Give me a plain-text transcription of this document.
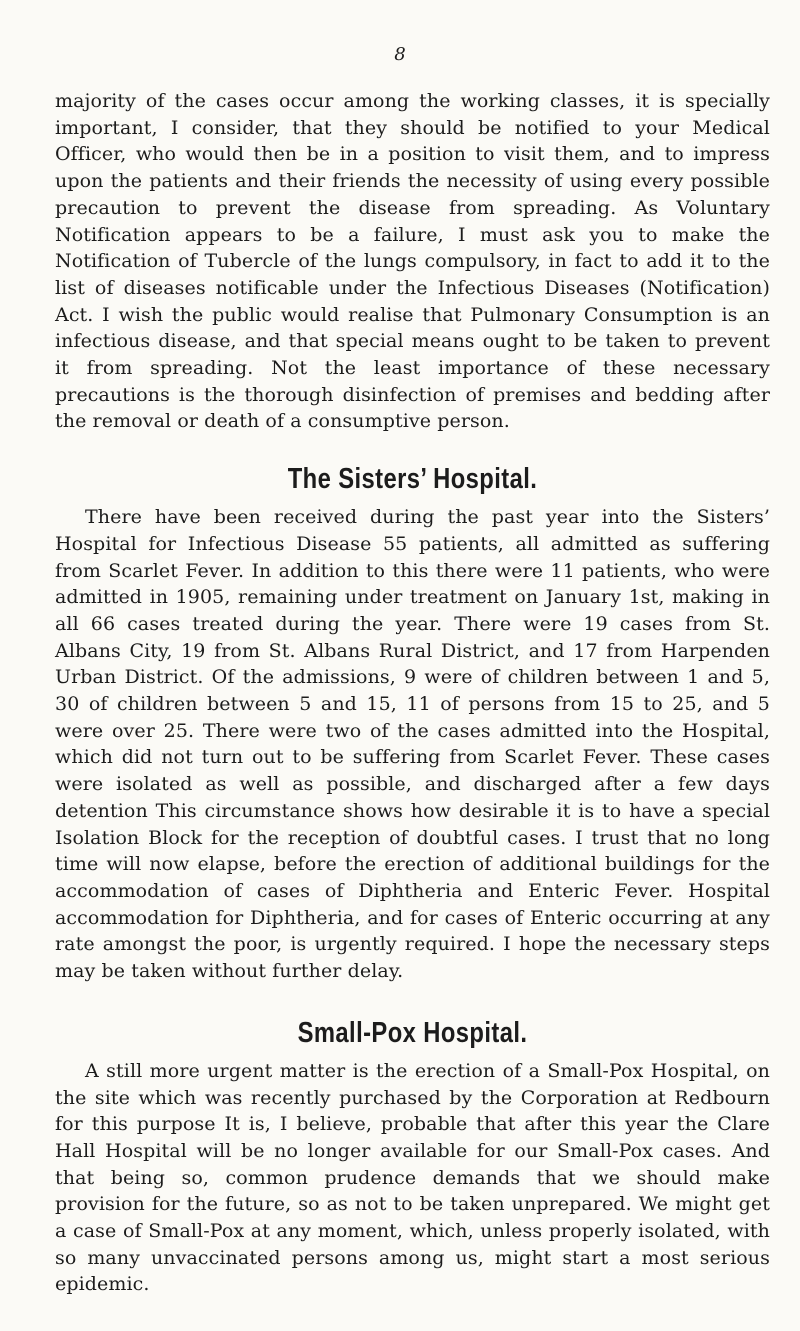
8

majority of the cases occur among the working classes, it is specially important, I consider, that they should be notified to your Medical Officer, who would then be in a position to visit them, and to impress upon the patients and their friends the necessity of using every possible precaution to prevent the disease from spreading. As Voluntary Notification appears to be a failure, I must ask you to make the Notification of Tubercle of the lungs compulsory, in fact to add it to the list of diseases notificable under the Infectious Diseases (Notification) Act. I wish the public would realise that Pulmonary Consumption is an infectious disease, and that special means ought to be taken to prevent it from spreading. Not the least importance of these necessary precautions is the thorough disinfection of premises and bedding after the removal or death of a consumptive person.

The Sisters’ Hospital.

There have been received during the past year into the Sisters’ Hospital for Infectious Disease 55 patients, all admitted as suffering from Scarlet Fever. In addition to this there were 11 patients, who were admitted in 1905, remaining under treatment on January 1st, making in all 66 cases treated during the year. There were 19 cases from St. Albans City, 19 from St. Albans Rural District, and 17 from Harpenden Urban District. Of the admissions, 9 were of children between 1 and 5, 30 of children between 5 and 15, 11 of persons from 15 to 25, and 5 were over 25. There were two of the cases admitted into the Hospital, which did not turn out to be suffering from Scarlet Fever. These cases were isolated as well as possible, and discharged after a few days detention This circumstance shows how desirable it is to have a special Isolation Block for the reception of doubtful cases. I trust that no long time will now elapse, before the erection of additional buildings for the accommodation of cases of Diphtheria and Enteric Fever. Hospital accommodation for Diphtheria, and for cases of Enteric occurring at any rate amongst the poor, is urgently required. I hope the necessary steps may be taken without further delay.

Small-Pox Hospital.

A still more urgent matter is the erection of a Small-Pox Hospital, on the site which was recently purchased by the Corporation at Redbourn for this purpose It is, I believe, probable that after this year the Clare Hall Hospital will be no longer available for our Small-Pox cases. And that being so, common prudence demands that we should make provision for the future, so as not to be taken unprepared. We might get a case of Small-Pox at any moment, which, unless properly isolated, with so many unvaccinated persons among us, might start a most serious epidemic.
